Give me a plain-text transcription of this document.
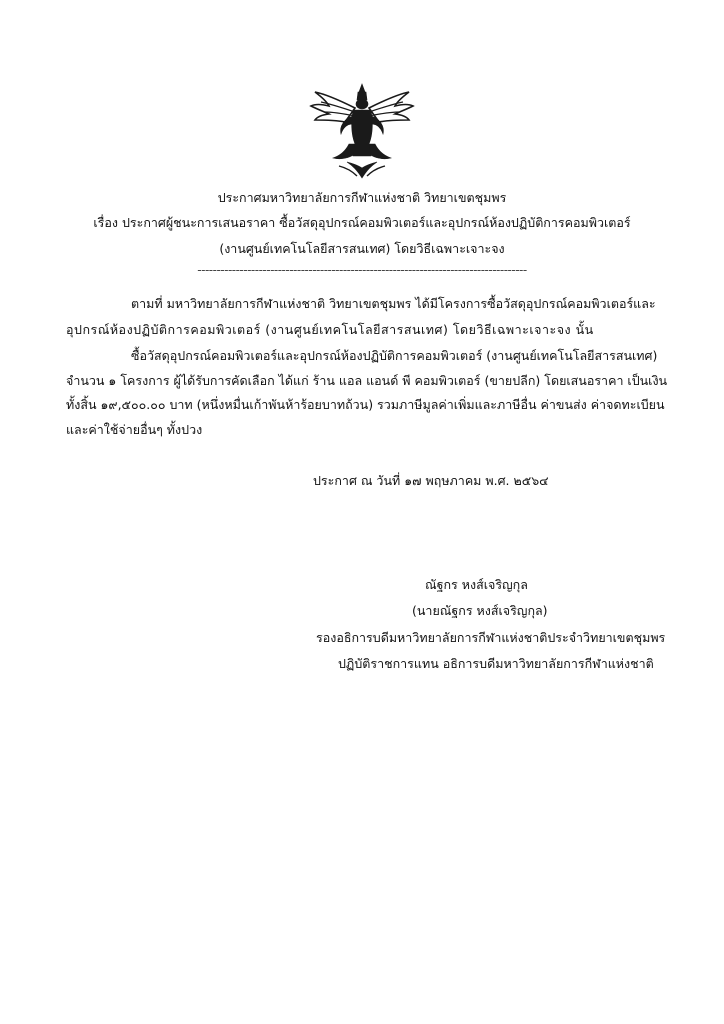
ประกาศมหาวิทยาลัยการกีฬาแห่งชาติ วิทยาเขตชุมพร
เรื่อง ประกาศผู้ชนะการเสนอราคา ซื้อวัสดุอุปกรณ์คอมพิวเตอร์และอุปกรณ์ห้องปฏิบัติการคอมพิวเตอร์
(งานศูนย์เทคโนโลยีสารสนเทศ) โดยวิธีเฉพาะเจาะจง
--------------------------------------------------------------------------------------
ตามที่ มหาวิทยาลัยการกีฬาแห่งชาติ วิทยาเขตชุมพร ได้มีโครงการซื้อวัสดุอุปกรณ์คอมพิวเตอร์และ
อุปกรณ์ห้องปฏิบัติการคอมพิวเตอร์ (งานศูนย์เทคโนโลยีสารสนเทศ) โดยวิธีเฉพาะเจาะจง นั้น
ซื้อวัสดุอุปกรณ์คอมพิวเตอร์และอุปกรณ์ห้องปฏิบัติการคอมพิวเตอร์ (งานศูนย์เทคโนโลยีสารสนเทศ)
จำนวน ๑ โครงการ ผู้ได้รับการคัดเลือก ได้แก่ ร้าน แอล แอนด์ พี คอมพิวเตอร์ (ขายปลีก) โดยเสนอราคา เป็นเงิน
ทั้งสิ้น ๑๙,๕๐๐.๐๐ บาท (หนึ่งหมื่นเก้าพันห้าร้อยบาทถ้วน) รวมภาษีมูลค่าเพิ่มและภาษีอื่น ค่าขนส่ง ค่าจดทะเบียน
และค่าใช้จ่ายอื่นๆ ทั้งปวง
ประกาศ ณ วันที่ ๑๗ พฤษภาคม พ.ศ. ๒๕๖๔
ณัฐกร หงส์เจริญกุล
(นายณัฐกร หงส์เจริญกุล)
รองอธิการบดีมหาวิทยาลัยการกีฬาแห่งชาติประจำวิทยาเขตชุมพร
ปฏิบัติราชการแทน อธิการบดีมหาวิทยาลัยการกีฬาแห่งชาติ
